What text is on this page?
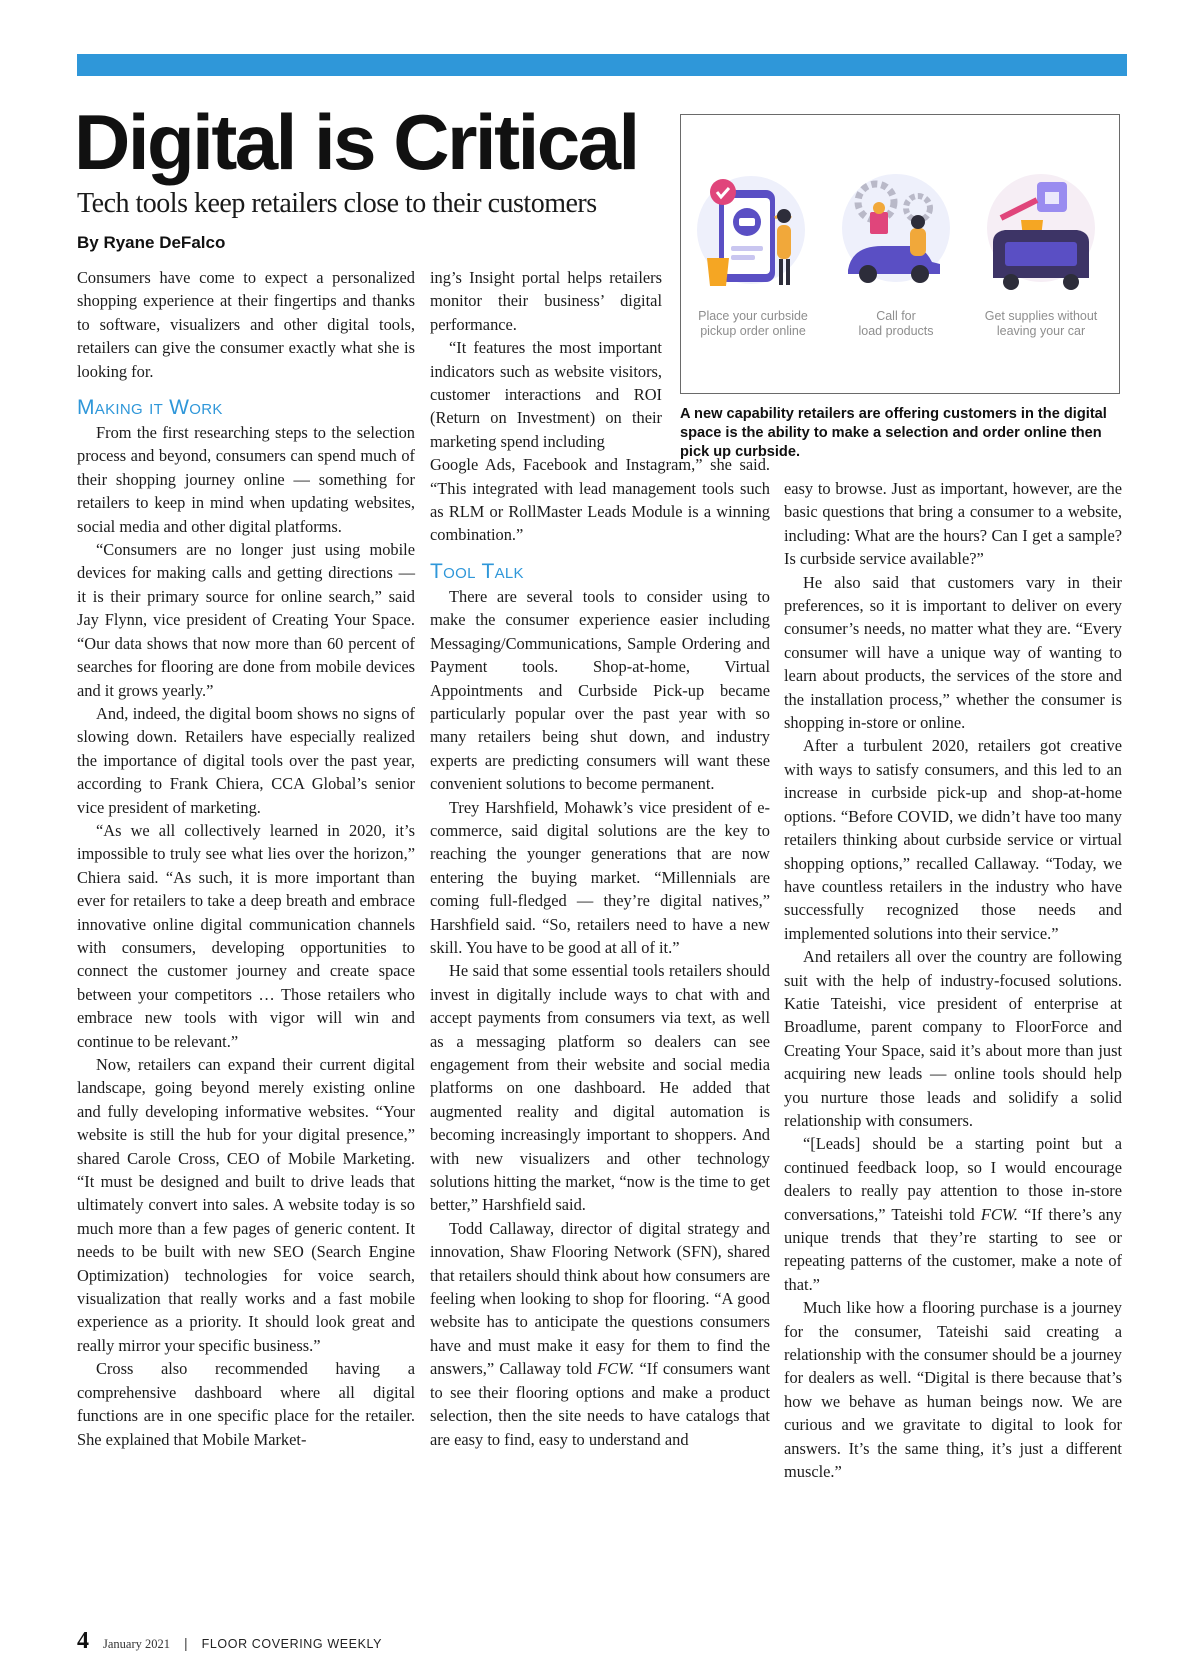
Digital is Critical
Tech tools keep retailers close to their customers
By Ryane DeFalco
Place your curbside
pickup order online
Call for
load products
Get supplies without
leaving your car

A new capability retailers are offering customers in the digital space is the ability to make a selection and order online then pick up curbside.

Consumers have come to expect a personalized shopping experience at their fingertips and thanks to software, visualizers and other digital tools, retailers can give the consumer exactly what she is looking for.

Making it Work

From the first researching steps to the selection process and beyond, consumers can spend much of their shopping journey online — something for retailers to keep in mind when updating websites, social media and other digital platforms.

“Consumers are no longer just using mobile devices for making calls and getting directions — it is their primary source for online search,” said Jay Flynn, vice president of Creating Your Space. “Our data shows that now more than 60 percent of searches for flooring are done from mobile devices and it grows yearly.”

And, indeed, the digital boom shows no signs of slowing down. Retailers have especially realized the importance of digital tools over the past year, according to Frank Chiera, CCA Global’s senior vice president of marketing.

“As we all collectively learned in 2020, it’s impossible to truly see what lies over the horizon,” Chiera said. “As such, it is more important than ever for retailers to take a deep breath and embrace innovative online digital communication channels with consumers, developing opportunities to connect the customer journey and create space between your competitors … Those retailers who embrace new tools with vigor will win and continue to be relevant.”

Now, retailers can expand their current digital landscape, going beyond merely existing online and fully developing informative websites. “Your website is still the hub for your digital presence,” shared Carole Cross, CEO of Mobile Marketing. “It must be designed and built to drive leads that ultimately convert into sales. A website today is so much more than a few pages of generic content. It needs to be built with new SEO (Search Engine Optimization) technologies for voice search, visualization that really works and a fast mobile experience as a priority. It should look great and really mirror your specific business.”

Cross also recommended having a comprehensive dashboard where all digital functions are in one specific place for the retailer. She explained that Mobile Market-

ing’s Insight portal helps retailers monitor their business’ digital performance.

“It features the most important indicators such as website visitors, customer interactions and ROI (Return on Investment) on their marketing spend including

Google Ads, Facebook and Instagram,” she said. “This integrated with lead management tools such as RLM or RollMaster Leads Module is a winning combination.”

Tool Talk

There are several tools to consider using to make the consumer experience easier including Messaging/Communications, Sample Ordering and Payment tools. Shop-at-home, Virtual Appointments and Curbside Pick-up became particularly popular over the past year with so many retailers being shut down, and industry experts are predicting consumers will want these convenient solutions to become permanent.

Trey Harshfield, Mohawk’s vice president of e-commerce, said digital solutions are the key to reaching the younger generations that are now entering the buying market. “Millennials are coming full-fledged — they’re digital natives,” Harshfield said. “So, retailers need to have a new skill. You have to be good at all of it.”

He said that some essential tools retailers should invest in digitally include ways to chat with and accept payments from consumers via text, as well as a messaging platform so dealers can see engagement from their website and social media platforms on one dashboard. He added that augmented reality and digital automation is becoming increasingly important to shoppers. And with new visualizers and other technology solutions hitting the market, “now is the time to get better,” Harshfield said.

Todd Callaway, director of digital strategy and innovation, Shaw Flooring Network (SFN), shared that retailers should think about how consumers are feeling when looking to shop for flooring. “A good website has to anticipate the questions consumers have and must make it easy for them to find the answers,” Callaway told FCW. “If consumers want to see their flooring options and make a product selection, then the site needs to have catalogs that are easy to find, easy to understand and

easy to browse. Just as important, however, are the basic questions that bring a consumer to a website, including: What are the hours? Can I get a sample? Is curbside service available?”

He also said that customers vary in their preferences, so it is important to deliver on every consumer’s needs, no matter what they are. “Every consumer will have a unique way of wanting to learn about products, the services of the store and the installation process,” whether the consumer is shopping in-store or online.

After a turbulent 2020, retailers got creative with ways to satisfy consumers, and this led to an increase in curbside pick-up and shop-at-home options. “Before COVID, we didn’t have too many retailers thinking about curbside service or virtual shopping options,” recalled Callaway. “Today, we have countless retailers in the industry who have successfully recognized those needs and implemented solutions into their service.”

And retailers all over the country are following suit with the help of industry-focused solutions. Katie Tateishi, vice president of enterprise at Broadlume, parent company to FloorForce and Creating Your Space, said it’s about more than just acquiring new leads — online tools should help you nurture those leads and solidify a solid relationship with consumers.

“[Leads] should be a starting point but a continued feedback loop, so I would encourage dealers to really pay attention to those in-store conversations,” Tateishi told FCW. “If there’s any unique trends that they’re starting to see or repeating patterns of the customer, make a note of that.”

Much like how a flooring purchase is a journey for the consumer, Tateishi said creating a relationship with the consumer should be a journey for dealers as well. “Digital is there because that’s how we behave as human beings now. We are curious and we gravitate to digital to look for answers. It’s the same thing, it’s just a different muscle.”

4 January 2021 | FLOOR COVERING WEEKLY
